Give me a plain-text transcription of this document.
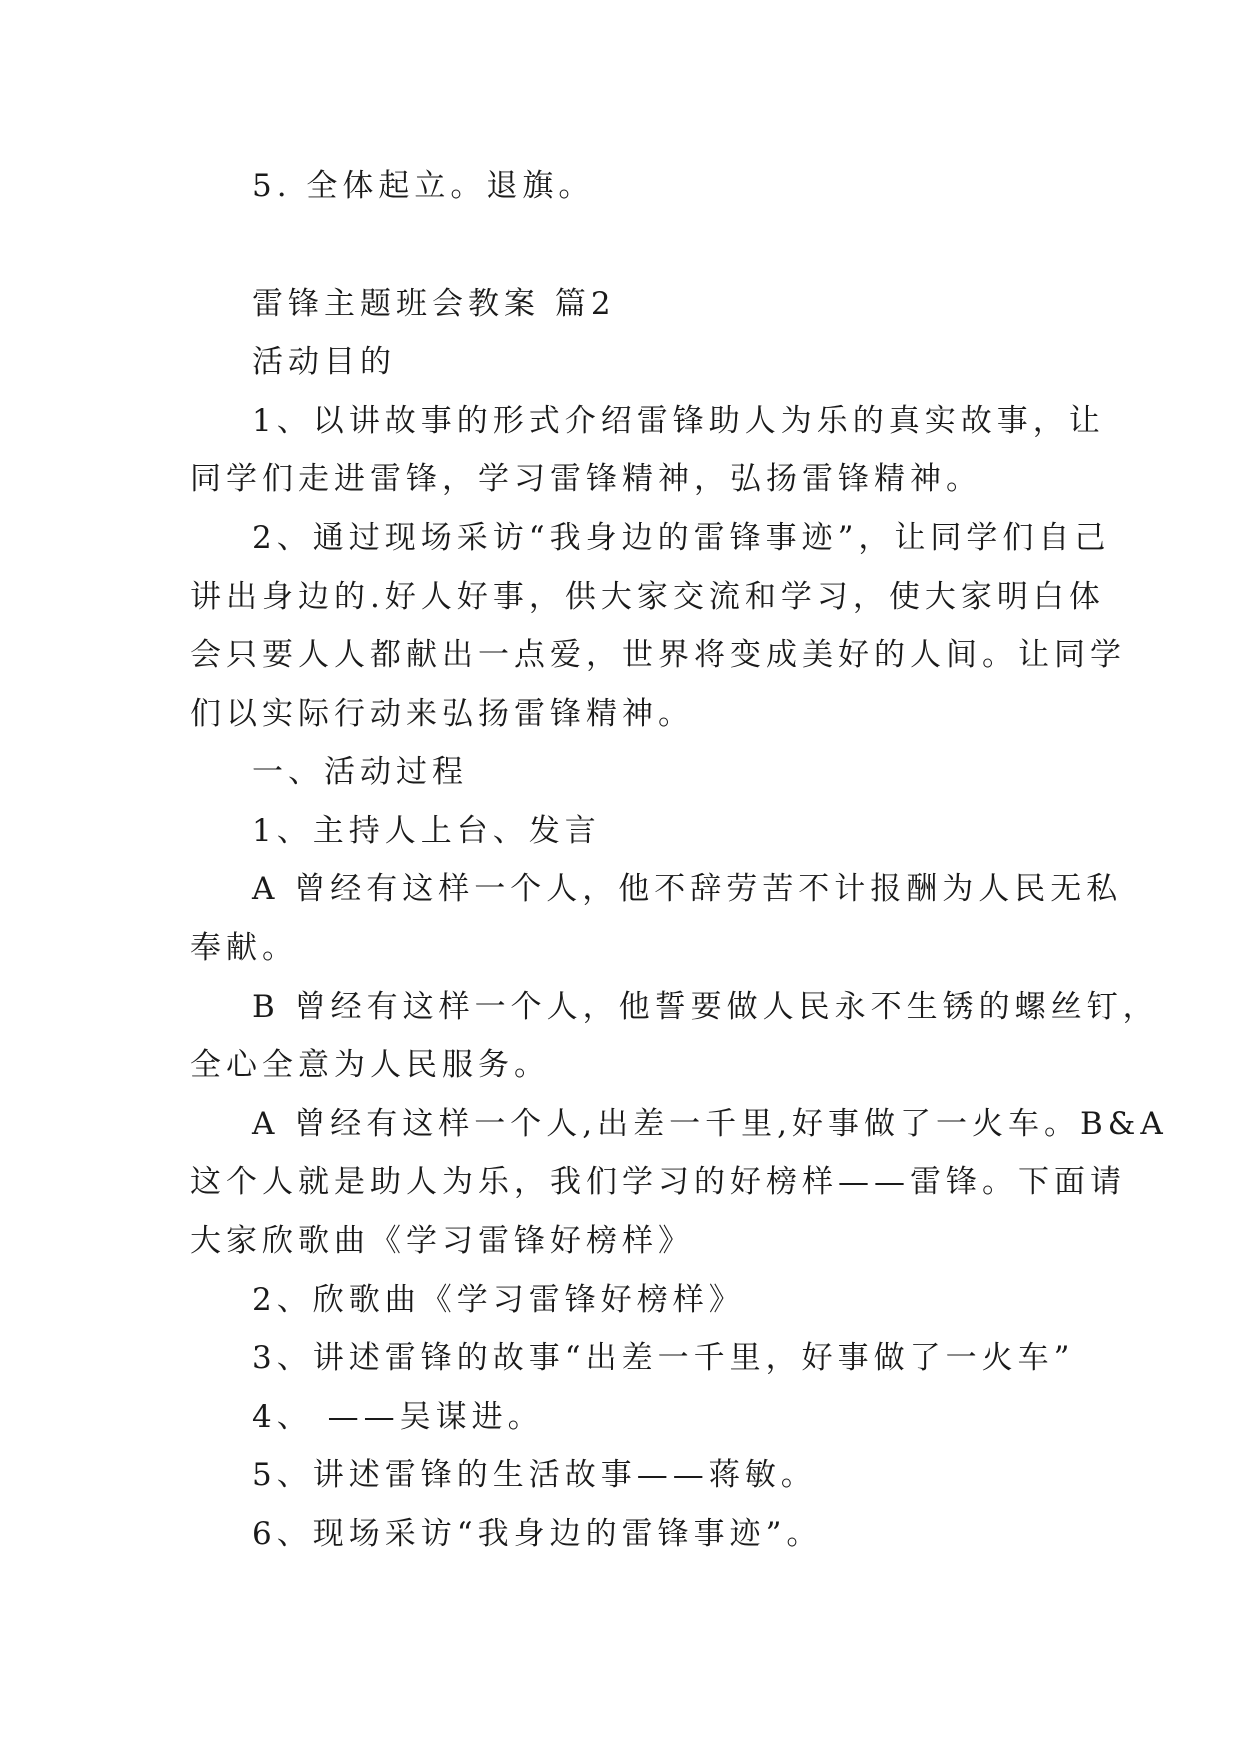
5. 全体起立。退旗。
雷锋主题班会教案 篇2
活动目的
1、以讲故事的形式介绍雷锋助人为乐的真实故事，让
同学们走进雷锋，学习雷锋精神，弘扬雷锋精神。
2、通过现场采访“我身边的雷锋事迹”，让同学们自己
讲出身边的.好人好事，供大家交流和学习，使大家明白体
会只要人人都献出一点爱，世界将变成美好的人间。让同学
们以实际行动来弘扬雷锋精神。
一、活动过程
1、主持人上台、发言
A 曾经有这样一个人，他不辞劳苦不计报酬为人民无私
奉献。
B 曾经有这样一个人，他誓要做人民永不生锈的螺丝钉，
全心全意为人民服务。
A 曾经有这样一个人,出差一千里,好事做了一火车。B&A
这个人就是助人为乐，我们学习的好榜样——雷锋。下面请
大家欣歌曲《学习雷锋好榜样》
2、欣歌曲《学习雷锋好榜样》
3、讲述雷锋的故事“出差一千里，好事做了一火车”
4、 ——吴谋进。
5、讲述雷锋的生活故事——蒋敏。
6、现场采访“我身边的雷锋事迹”。
